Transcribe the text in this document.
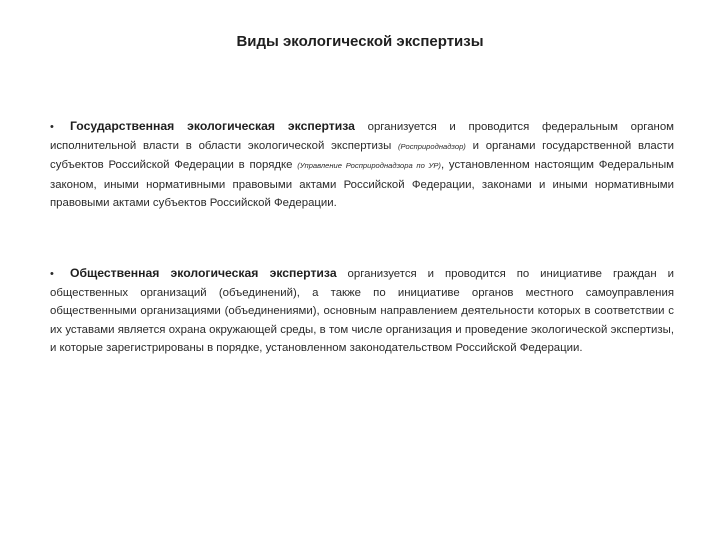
Виды экологической экспертизы
• Государственная экологическая экспертиза организуется и проводится федеральным органом исполнительной власти в области экологической экспертизы (Росприроднадзор) и органами государственной власти субъектов Российской Федерации в порядке (Управление Росприроднадзора по УР), установленном настоящим Федеральным законом, иными нормативными правовыми актами Российской Федерации, законами и иными нормативными правовыми актами субъектов Российской Федерации.
• Общественная экологическая экспертиза организуется и проводится по инициативе граждан и общественных организаций (объединений), а также по инициативе органов местного самоуправления общественными организациями (объединениями), основным направлением деятельности которых в соответствии с их уставами является охрана окружающей среды, в том числе организация и проведение экологической экспертизы, и которые зарегистрированы в порядке, установленном законодательством Российской Федерации.
